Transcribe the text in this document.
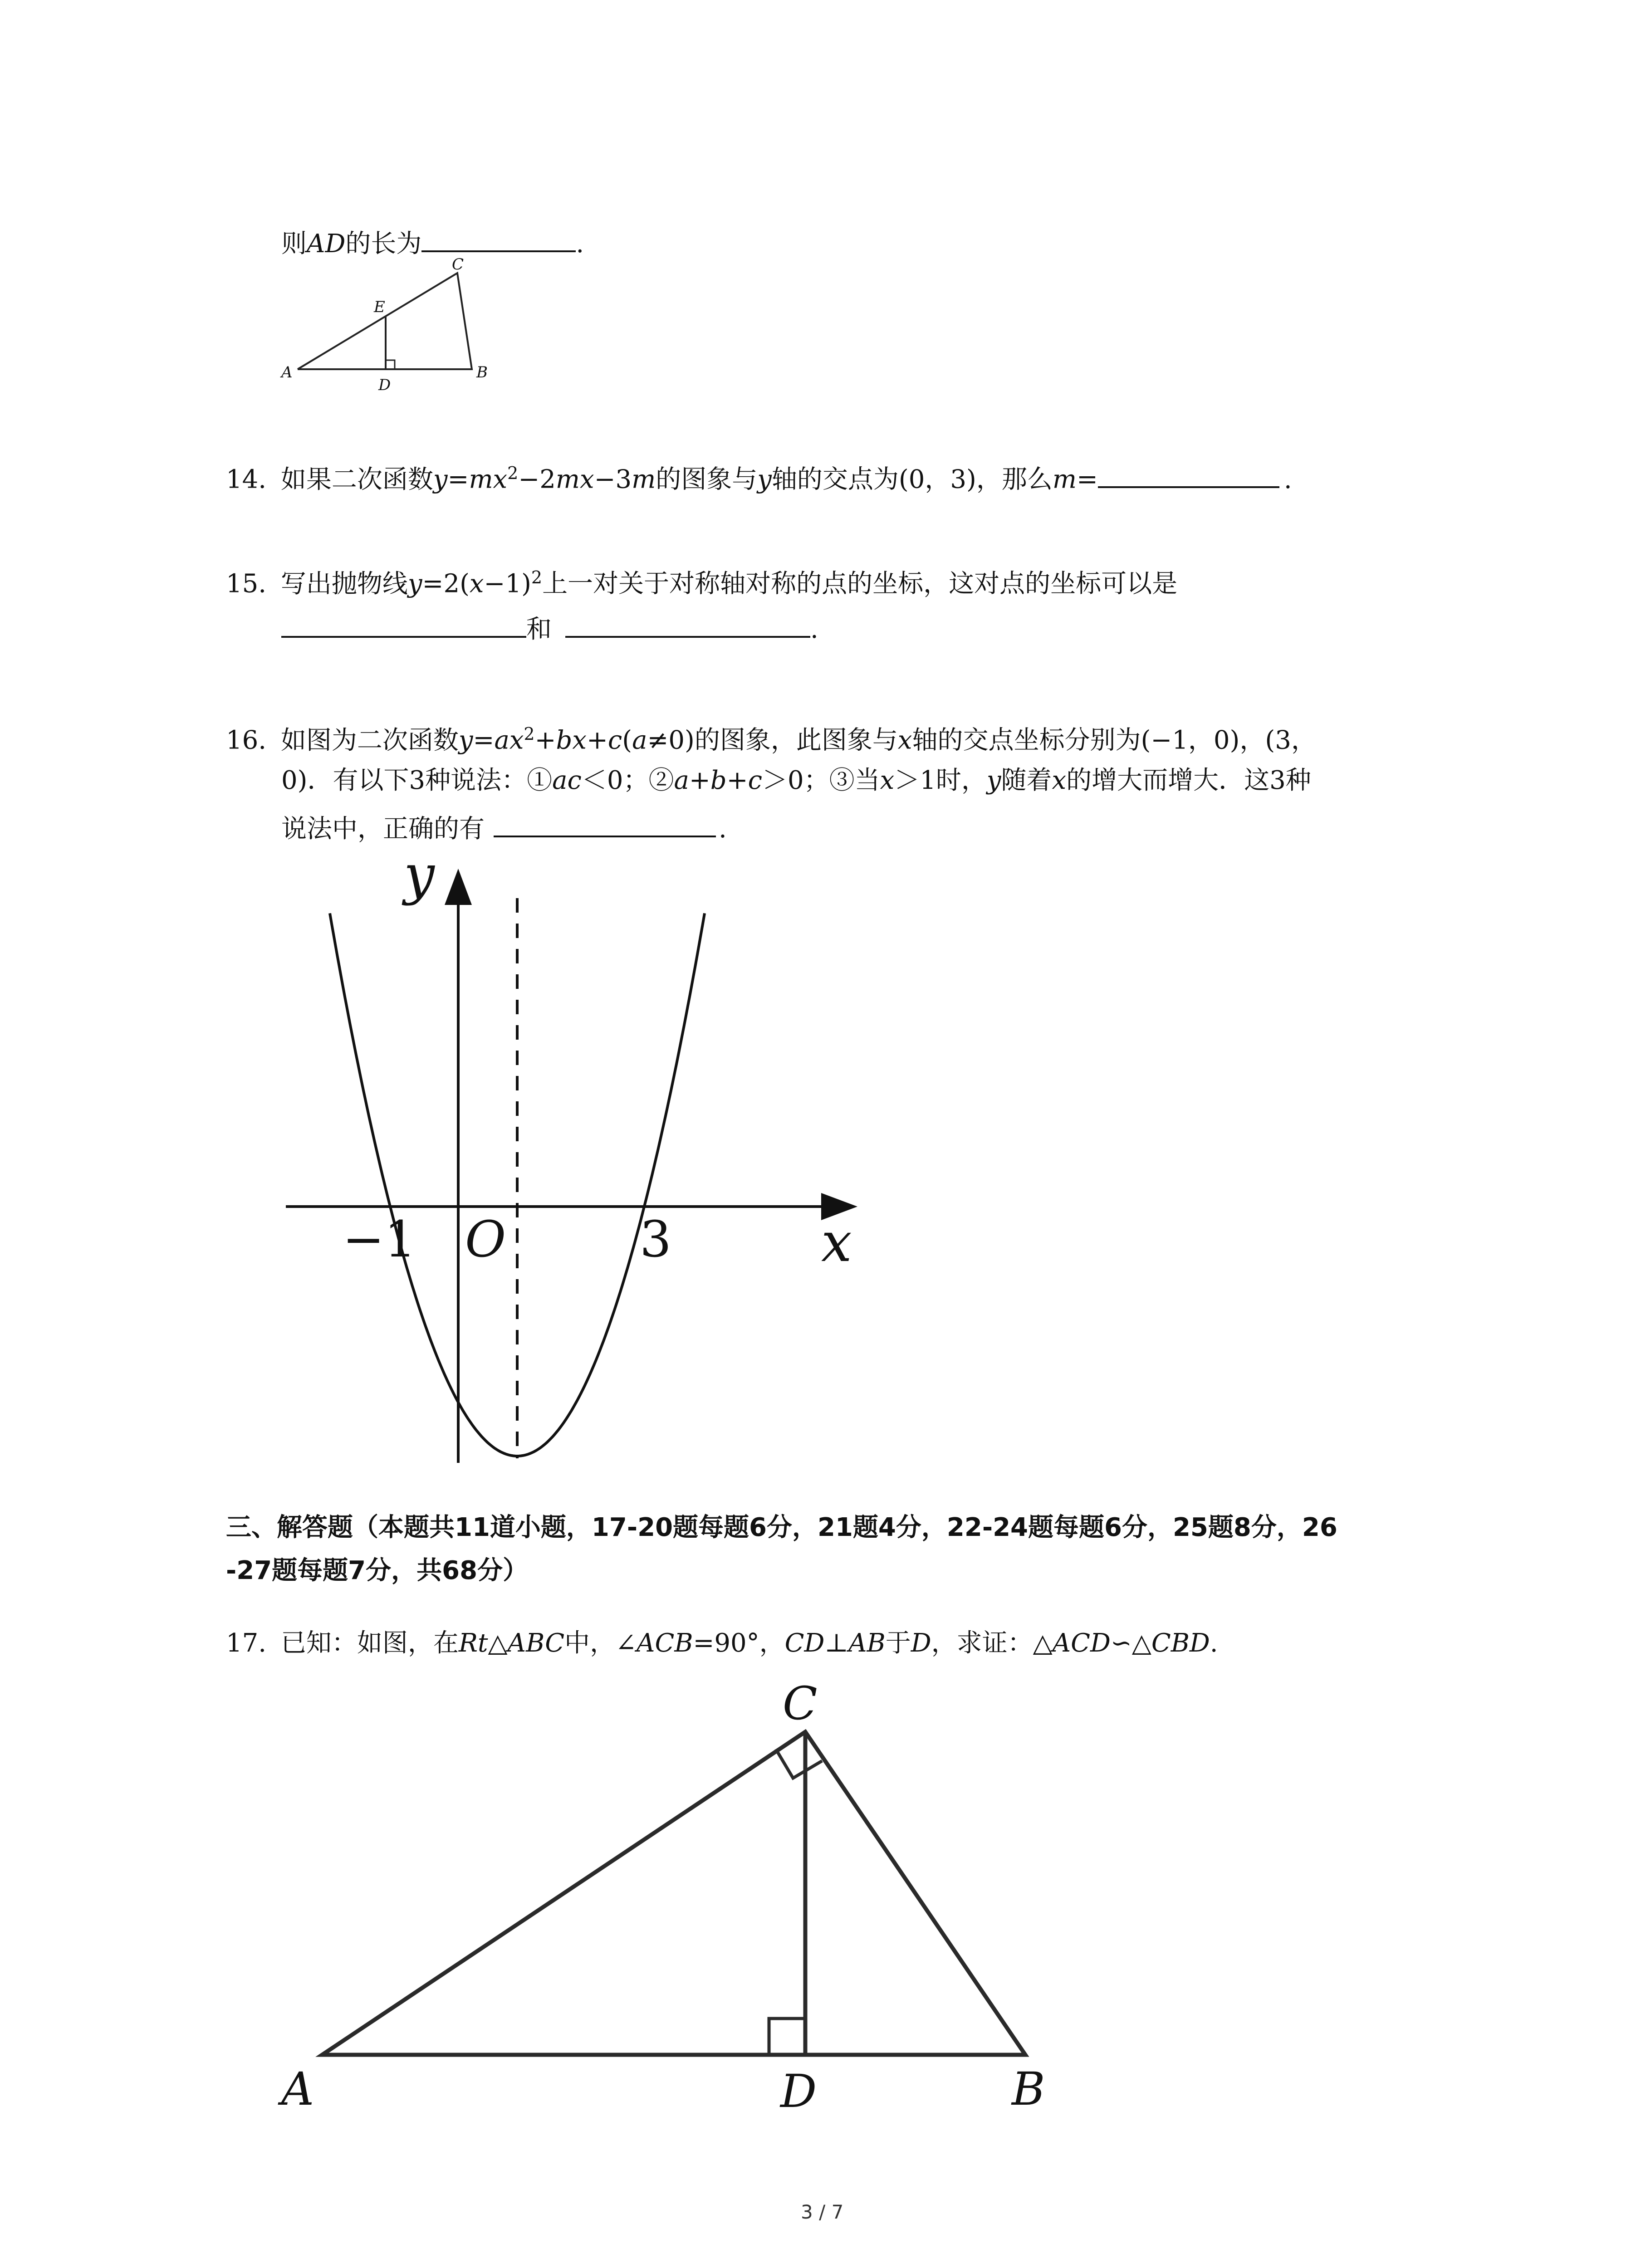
则AD的长为	.
A	B
C
D
E
14. 如果二次函数$y=mx^2-2mx-3m$的图象与y轴的交点为(0，3)，那么m=	.
15. 写出抛物线$y=2(x-1)^2$上一对关于对称轴对称的点的坐标，这对点的坐标可以是
和	.
16. 如图为二次函数$y=ax^2+bx+c(a\ne 0)$的图象，此图象与x轴的交点坐标分别为(−1，0)，(3，
0)．有以下3种说法：①ac＜0；②a+b+c＞0；③当x＞1时，y随着x的增大而增大．这3种
说法中，正确的有	.
y
x
−1 O	3
三、解答题（本题共11道小题，17-20题每题6分，21题4分，22-24题每题6分，25题8分，26
-27题每题7分，共68分）
17. 已知：如图，在Rt△ABC中，∠ACB=90°，CD⊥AB于D，求证：△ACD∽△CBD.
C
A	D	B
3 / 7
